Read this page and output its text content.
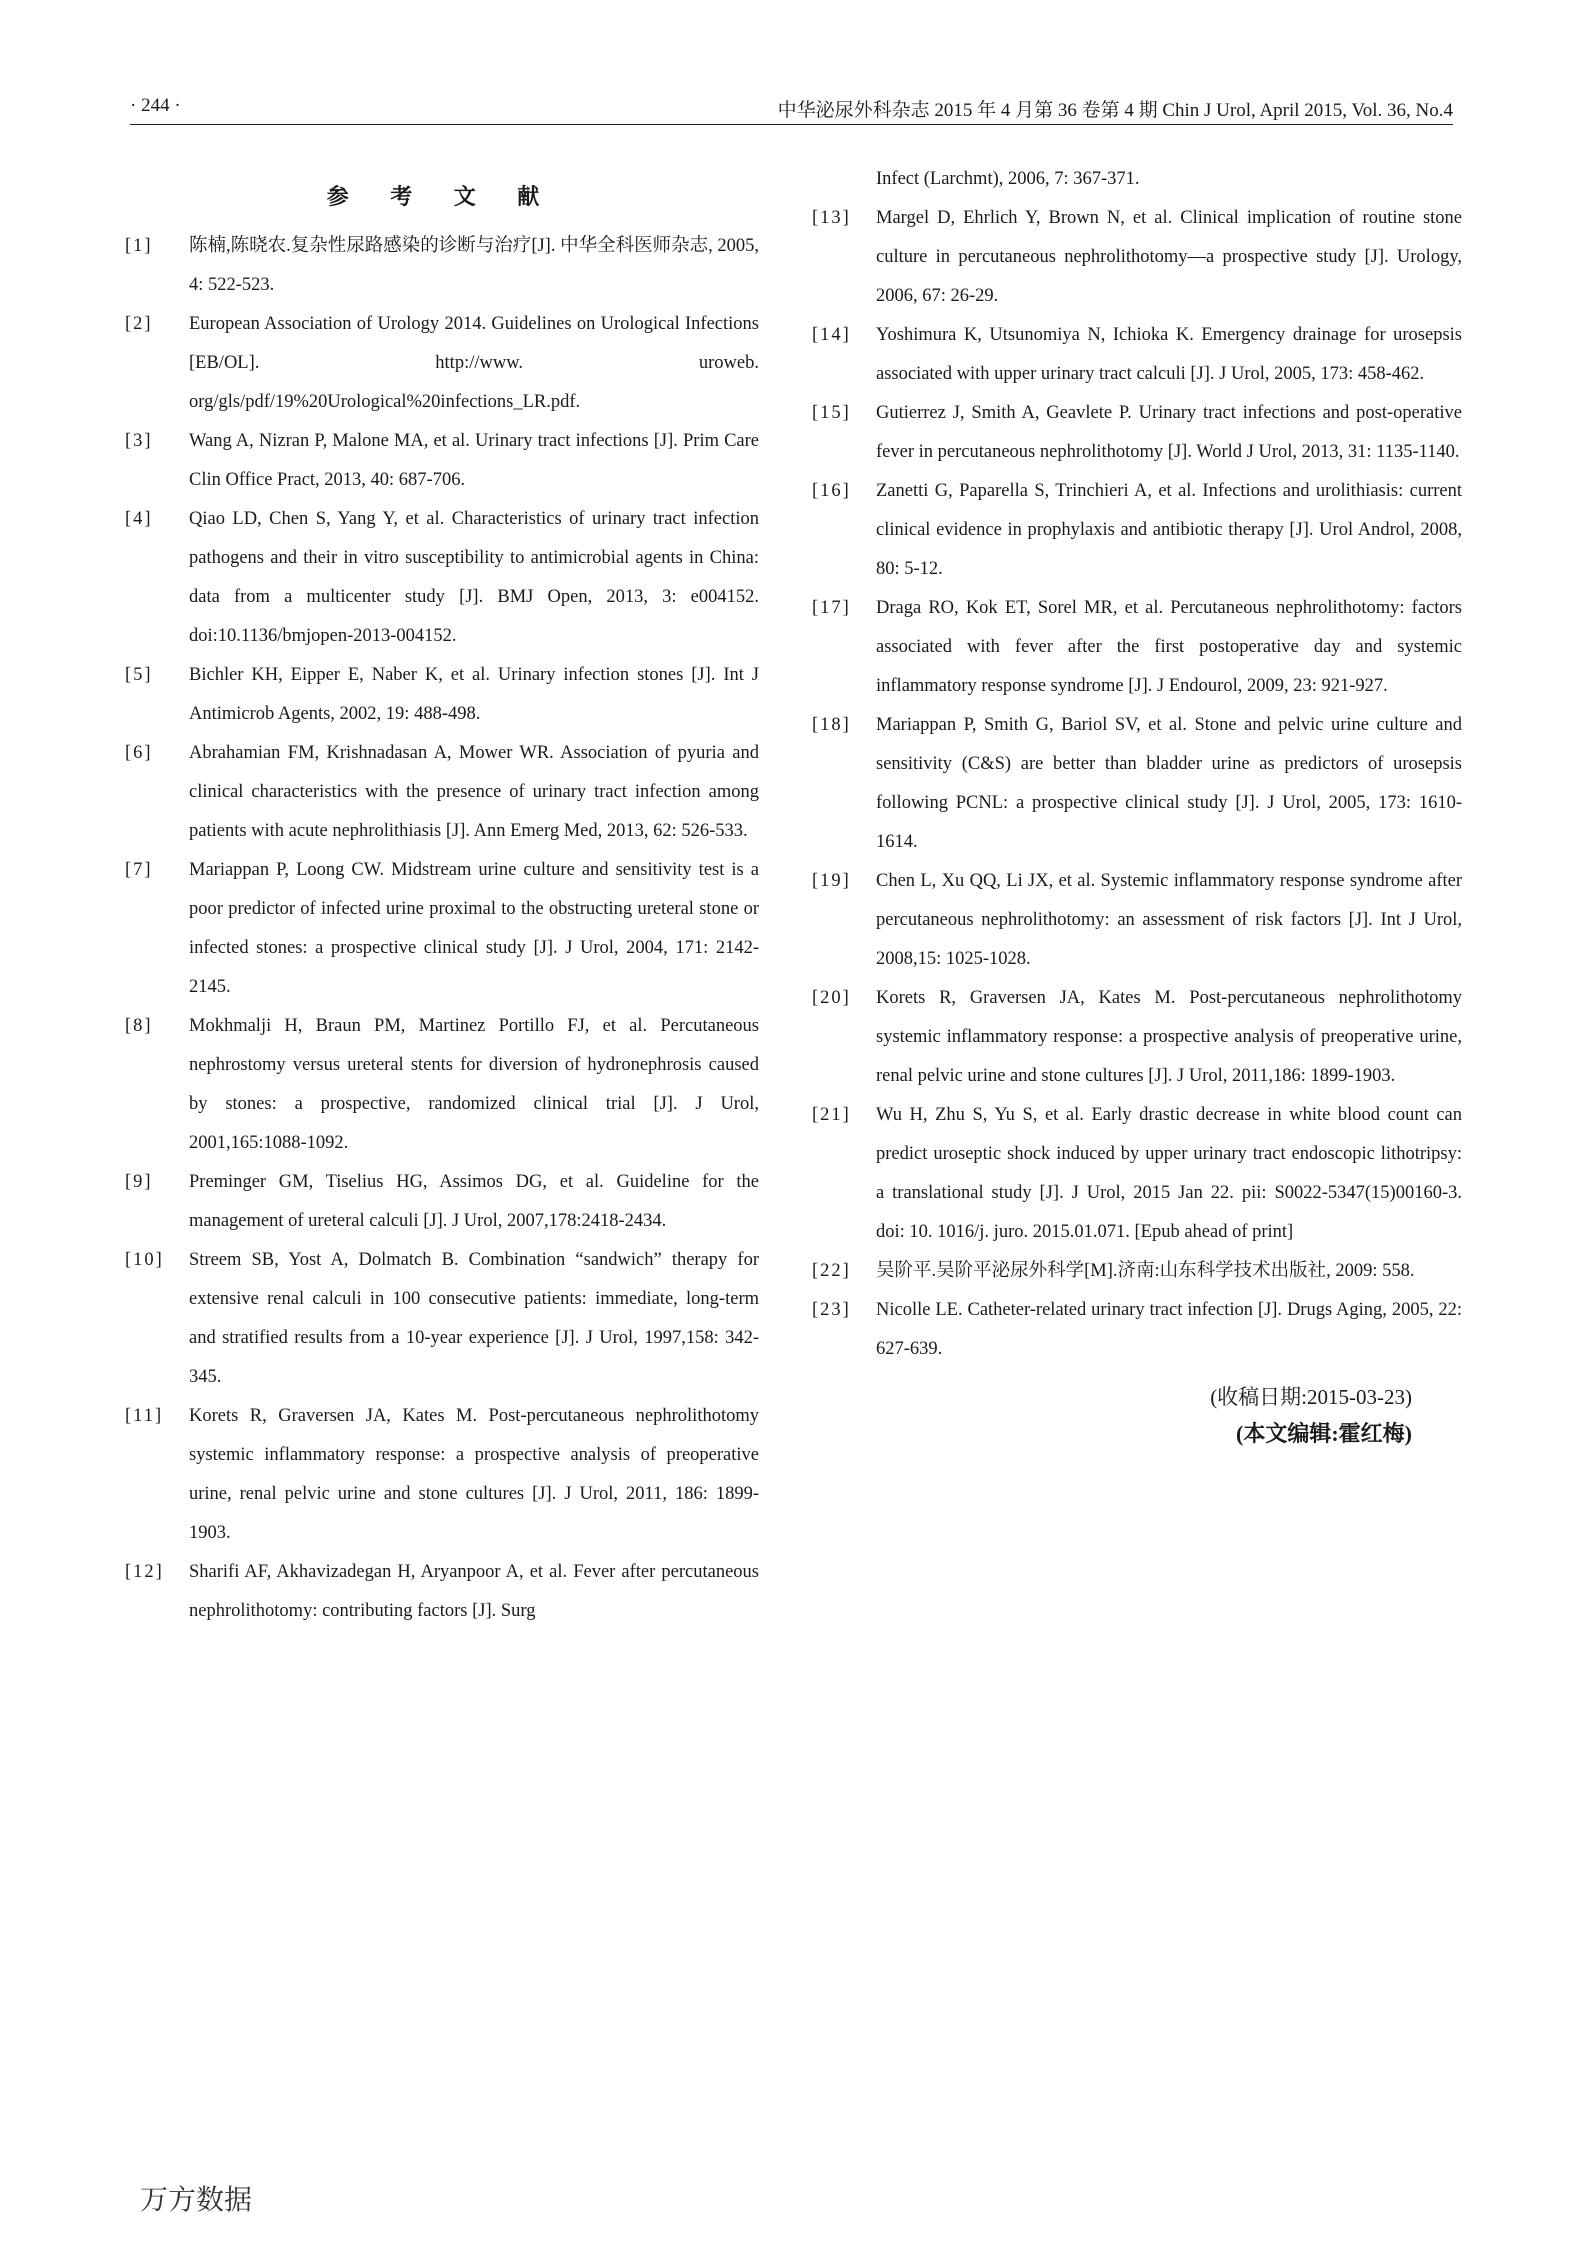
· 244 ·	中华泌尿外科杂志 2015 年 4 月第 36 卷第 4 期 Chin J Urol, April 2015, Vol. 36, No.4
参 考 文 献
[1] 陈楠,陈晓农.复杂性尿路感染的诊断与治疗[J]. 中华全科医师杂志, 2005, 4: 522-523.
[2] European Association of Urology 2014. Guidelines on Urological Infections [EB/OL]. http://www. uroweb. org/gls/pdf/19%20Urological%20infections_LR.pdf.
[3] Wang A, Nizran P, Malone MA, et al. Urinary tract infections [J]. Prim Care Clin Office Pract, 2013, 40: 687-706.
[4] Qiao LD, Chen S, Yang Y, et al. Characteristics of urinary tract infection pathogens and their in vitro susceptibility to antimicrobial agents in China: data from a multicenter study [J]. BMJ Open, 2013, 3: e004152. doi:10.1136/bmjopen-2013-004152.
[5] Bichler KH, Eipper E, Naber K, et al. Urinary infection stones [J]. Int J Antimicrob Agents, 2002, 19: 488-498.
[6] Abrahamian FM, Krishnadasan A, Mower WR. Association of pyuria and clinical characteristics with the presence of urinary tract infection among patients with acute nephrolithiasis [J]. Ann Emerg Med, 2013, 62: 526-533.
[7] Mariappan P, Loong CW. Midstream urine culture and sensitivity test is a poor predictor of infected urine proximal to the obstructing ureteral stone or infected stones: a prospective clinical study [J]. J Urol, 2004, 171: 2142-2145.
[8] Mokhmalji H, Braun PM, Martinez Portillo FJ, et al. Percutaneous nephrostomy versus ureteral stents for diversion of hydronephrosis caused by stones: a prospective, randomized clinical trial [J]. J Urol, 2001,165:1088-1092.
[9] Preminger GM, Tiselius HG, Assimos DG, et al. Guideline for the management of ureteral calculi [J]. J Urol, 2007,178:2418-2434.
[10] Streem SB, Yost A, Dolmatch B. Combination “sandwich” therapy for extensive renal calculi in 100 consecutive patients: immediate, long-term and stratified results from a 10-year experience [J]. J Urol, 1997,158: 342-345.
[11] Korets R, Graversen JA, Kates M. Post-percutaneous nephrolithotomy systemic inflammatory response: a prospective analysis of preoperative urine, renal pelvic urine and stone cultures [J]. J Urol, 2011, 186: 1899-1903.
[12] Sharifi AF, Akhavizadegan H, Aryanpoor A, et al. Fever after percutaneous nephrolithotomy: contributing factors [J]. Surg
Infect (Larchmt), 2006, 7: 367-371.
[13] Margel D, Ehrlich Y, Brown N, et al. Clinical implication of routine stone culture in percutaneous nephrolithotomy—a prospective study [J]. Urology, 2006, 67: 26-29.
[14] Yoshimura K, Utsunomiya N, Ichioka K. Emergency drainage for urosepsis associated with upper urinary tract calculi [J]. J Urol, 2005, 173: 458-462.
[15] Gutierrez J, Smith A, Geavlete P. Urinary tract infections and post-operative fever in percutaneous nephrolithotomy [J]. World J Urol, 2013, 31: 1135-1140.
[16] Zanetti G, Paparella S, Trinchieri A, et al. Infections and urolithiasis: current clinical evidence in prophylaxis and antibiotic therapy [J]. Urol Androl, 2008, 80: 5-12.
[17] Draga RO, Kok ET, Sorel MR, et al. Percutaneous nephrolithotomy: factors associated with fever after the first postoperative day and systemic inflammatory response syndrome [J]. J Endourol, 2009, 23: 921-927.
[18] Mariappan P, Smith G, Bariol SV, et al. Stone and pelvic urine culture and sensitivity (C&S) are better than bladder urine as predictors of urosepsis following PCNL: a prospective clinical study [J]. J Urol, 2005, 173: 1610-1614.
[19] Chen L, Xu QQ, Li JX, et al. Systemic inflammatory response syndrome after percutaneous nephrolithotomy: an assessment of risk factors [J]. Int J Urol, 2008,15: 1025-1028.
[20] Korets R, Graversen JA, Kates M. Post-percutaneous nephrolithotomy systemic inflammatory response: a prospective analysis of preoperative urine, renal pelvic urine and stone cultures [J]. J Urol, 2011,186: 1899-1903.
[21] Wu H, Zhu S, Yu S, et al. Early drastic decrease in white blood count can predict uroseptic shock induced by upper urinary tract endoscopic lithotripsy: a translational study [J]. J Urol, 2015 Jan 22. pii: S0022-5347(15)00160-3. doi: 10. 1016/j. juro. 2015.01.071. [Epub ahead of print]
[22] 吴阶平.吴阶平泌尿外科学[M].济南:山东科学技术出版社, 2009: 558.
[23] Nicolle LE. Catheter-related urinary tract infection [J]. Drugs Aging, 2005, 22: 627-639.
(收稿日期:2015-03-23)
(本文编辑:霍红梅)
万方数据
